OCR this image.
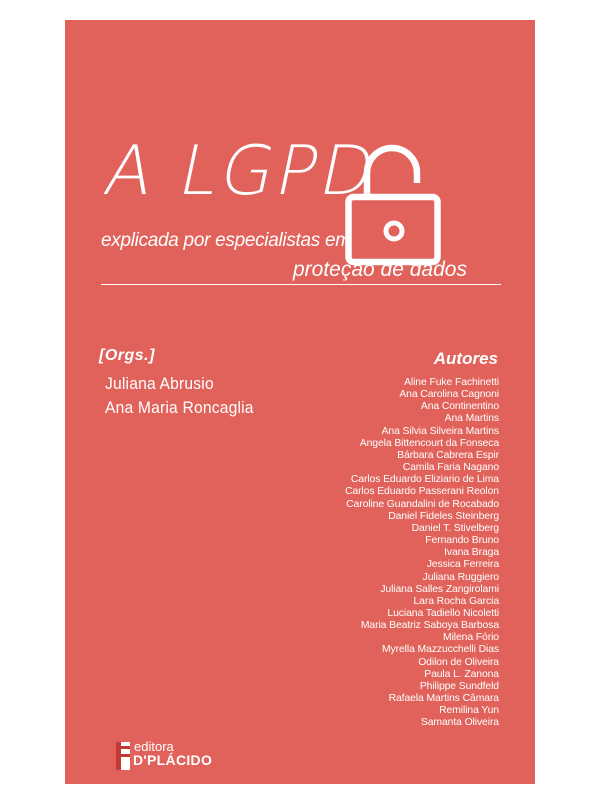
A LGPD

explicada por especialistas em

proteção de dados

[Orgs.]
Juliana Abrusio
Ana Maria Roncaglia
Autores
Aline Fuke Fachinetti
Ana Carolina Cagnoni
Ana Continentino
Ana Martins
Ana Silvia Silveira Martins
Angela Bittencourt da Fonseca
Bárbara Cabrera Espir
Camila Faria Nagano
Carlos Eduardo Eliziario de Lima
Carlos Eduardo Passerani Reolon
Caroline Guandalini de Rocabado
Daniel Fideles Steinberg
Daniel T. Stivelberg
Fernando Bruno
Ivana Braga
Jessica Ferreira
Juliana Ruggiero
Juliana Salles Zangirolami
Lara Rocha Garcia
Luciana Tadiello Nicoletti
Maria Beatriz Saboya Barbosa
Milena Fório
Myrella Mazzucchelli Dias
Odilon de Oliveira
Paula L. Zanona
Philippe Sundfeld
Rafaela Martins Câmara
Remilina Yun
Samanta Oliveira
editora
D'PLÁCIDO
